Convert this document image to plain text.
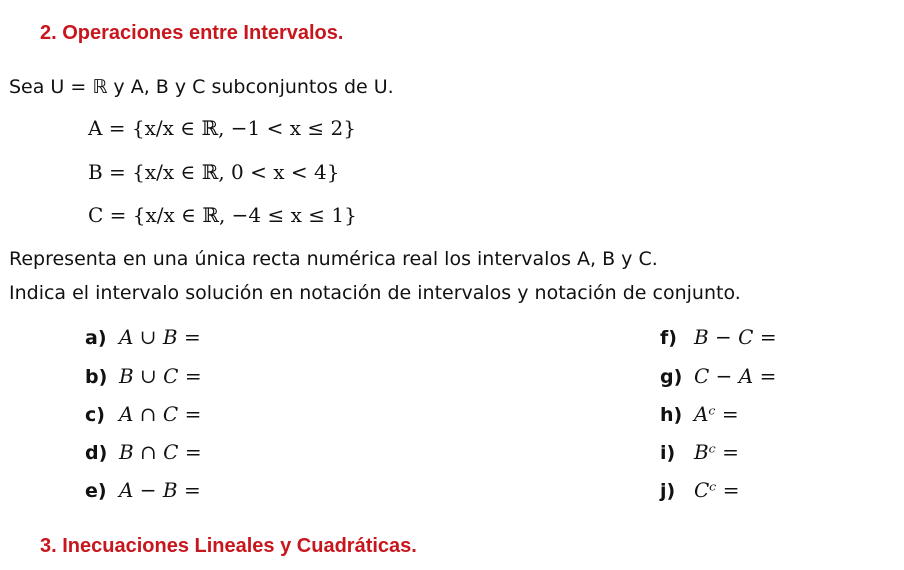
2. Operaciones entre Intervalos.
Sea U = ℝ y A, B y C subconjuntos de U.
A = {x/x ∈ ℝ, −1 < x ≤ 2}
B = {x/x ∈ ℝ, 0 < x < 4}
C = {x/x ∈ ℝ, −4 ≤ x ≤ 1}
Representa en una única recta numérica real los intervalos A, B y C.
Indica el intervalo solución en notación de intervalos y notación de conjunto.
a) A ∪ B =
b) B ∪ C =
c) A ∩ C =
d) B ∩ C =
e) A − B =
f) B − C =
g) C − A =
h) Aᶜ =
i) Bᶜ =
j) Cᶜ =
3. Inecuaciones Lineales y Cuadráticas.
